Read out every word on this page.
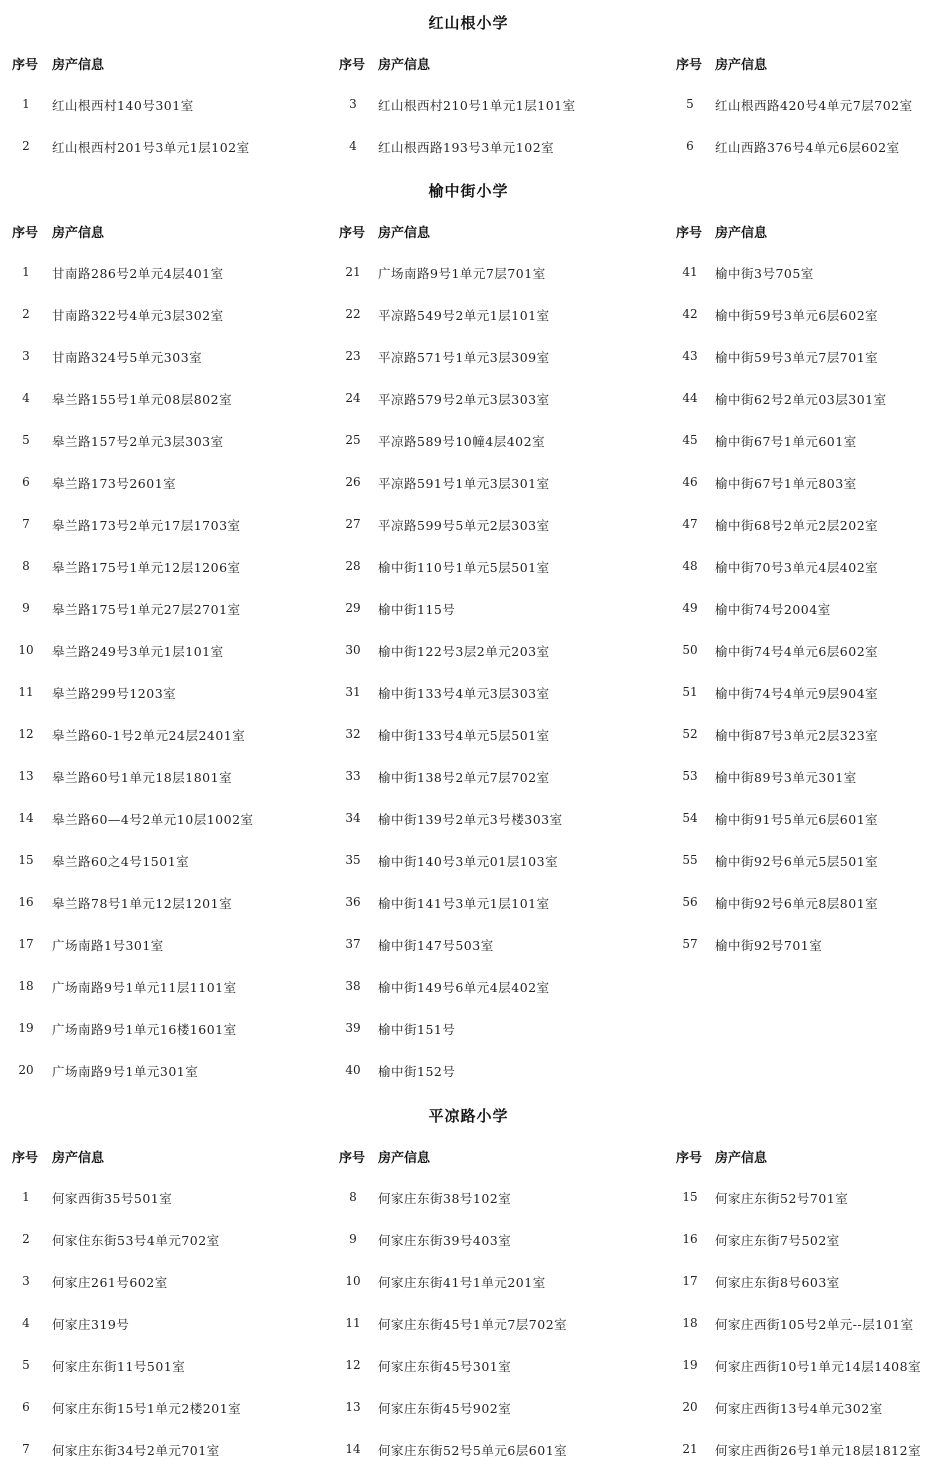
红山根小学
序号 房产信息
1	红山根西村140号301室
2	红山根西村201号3单元1层102室
序号 房产信息
3	红山根西村210号1单元1层101室
4	红山根西路193号3单元102室
序号 房产信息
5	红山根西路420号4单元7层702室
6	红山西路376号4单元6层602室
榆中街小学
序号 房产信息
1	甘南路286号2单元4层401室
2	甘南路322号4单元3层302室
3	甘南路324号5单元303室
4	皋兰路155号1单元08层802室
5	皋兰路157号2单元3层303室
6	皋兰路173号2601室
7	皋兰路173号2单元17层1703室
8	皋兰路175号1单元12层1206室
9	皋兰路175号1单元27层2701室
10	皋兰路249号3单元1层101室
11	皋兰路299号1203室
12	皋兰路60-1号2单元24层2401室
13	皋兰路60号1单元18层1801室
14	皋兰路60—4号2单元10层1002室
15	皋兰路60之4号1501室
16	皋兰路78号1单元12层1201室
17	广场南路1号301室
18	广场南路9号1单元11层1101室
19	广场南路9号1单元16楼1601室
20	广场南路9号1单元301室
序号 房产信息
21	广场南路9号1单元7层701室
22	平凉路549号2单元1层101室
23	平凉路571号1单元3层309室
24	平凉路579号2单元3层303室
25	平凉路589号10幢4层402室
26	平凉路591号1单元3层301室
27	平凉路599号5单元2层303室
28	榆中街110号1单元5层501室
29	榆中街115号
30	榆中街122号3层2单元203室
31	榆中街133号4单元3层303室
32	榆中街133号4单元5层501室
33	榆中街138号2单元7层702室
34	榆中街139号2单元3号楼303室
35	榆中街140号3单元01层103室
36	榆中街141号3单元1层101室
37	榆中街147号503室
38	榆中街149号6单元4层402室
39	榆中街151号
40	榆中街152号
序号 房产信息
41	榆中街3号705室
42	榆中街59号3单元6层602室
43	榆中街59号3单元7层701室
44	榆中街62号2单元03层301室
45	榆中街67号1单元601室
46	榆中街67号1单元803室
47	榆中街68号2单元2层202室
48	榆中街70号3单元4层402室
49	榆中街74号2004室
50	榆中街74号4单元6层602室
51	榆中街74号4单元9层904室
52	榆中街87号3单元2层323室
53	榆中街89号3单元301室
54	榆中街91号5单元6层601室
55	榆中街92号6单元5层501室
56	榆中街92号6单元8层801室
57	榆中街92号701室
平凉路小学
序号 房产信息
1	何家西街35号501室
2	何家住东街53号4单元702室
3	何家庄261号602室
4	何家庄319号
5	何家庄东街11号501室
6	何家庄东街15号1单元2楼201室
7	何家庄东街34号2单元701室
序号 房产信息
8	何家庄东街38号102室
9	何家庄东街39号403室
10	何家庄东街41号1单元201室
11	何家庄东街45号1单元7层702室
12	何家庄东街45号301室
13	何家庄东街45号902室
14	何家庄东街52号5单元6层601室
序号 房产信息
15	何家庄东街52号701室
16	何家庄东街7号502室
17	何家庄东街8号603室
18	何家庄西街105号2单元--层101室
19	何家庄西街10号1单元14层1408室
20	何家庄西街13号4单元302室
21	何家庄西街26号1单元18层1812室
